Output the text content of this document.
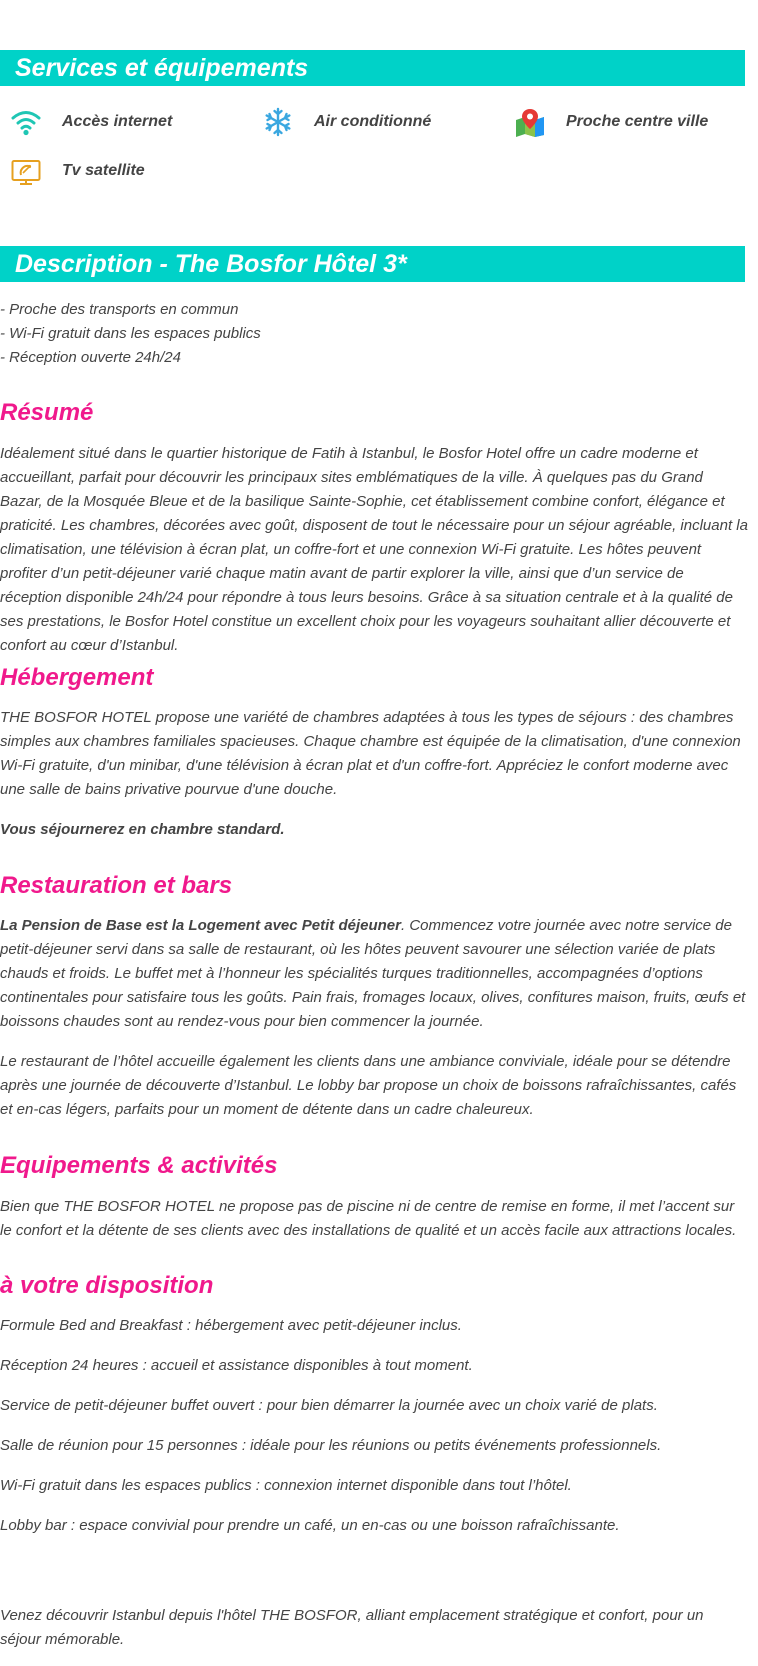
Services et équipements
Accès internet	Air conditionné	Proche centre ville
Tv satellite
Description - The Bosfor Hôtel 3*

- Proche des transports en commun

- Wi-Fi gratuit dans les espaces publics

- Réception ouverte 24h/24

Résumé

Idéalement situé dans le quartier historique de Fatih à Istanbul, le Bosfor Hotel offre un cadre moderne et accueillant, parfait pour découvrir les principaux sites emblématiques de la ville. À quelques pas du Grand Bazar, de la Mosquée Bleue et de la basilique Sainte-Sophie, cet établissement combine confort, élégance et praticité. Les chambres, décorées avec goût, disposent de tout le nécessaire pour un séjour agréable, incluant la climatisation, une télévision à écran plat, un coffre-fort et une connexion Wi-Fi gratuite. Les hôtes peuvent profiter d’un petit-déjeuner varié chaque matin avant de partir explorer la ville, ainsi que d’un service de réception disponible 24h/24 pour répondre à tous leurs besoins. Grâce à sa situation centrale et à la qualité de ses prestations, le Bosfor Hotel constitue un excellent choix pour les voyageurs souhaitant allier découverte et confort au cœur d’Istanbul.

Hébergement

THE BOSFOR HOTEL propose une variété de chambres adaptées à tous les types de séjours : des chambres simples aux chambres familiales spacieuses. Chaque chambre est équipée de la climatisation, d'une connexion Wi-Fi gratuite, d'un minibar, d'une télévision à écran plat et d'un coffre-fort. Appréciez le confort moderne avec une salle de bains privative pourvue d'une douche.

Vous séjournerez en chambre standard.

Restauration et bars

La Pension de Base est la Logement avec Petit déjeuner. Commencez votre journée avec notre service de petit-déjeuner servi dans sa salle de restaurant, où les hôtes peuvent savourer une sélection variée de plats chauds et froids. Le buffet met à l’honneur les spécialités turques traditionnelles, accompagnées d’options continentales pour satisfaire tous les goûts. Pain frais, fromages locaux, olives, confitures maison, fruits, œufs et boissons chaudes sont au rendez-vous pour bien commencer la journée.

Le restaurant de l’hôtel accueille également les clients dans une ambiance conviviale, idéale pour se détendre après une journée de découverte d’Istanbul. Le lobby bar propose un choix de boissons rafraîchissantes, cafés et en-cas légers, parfaits pour un moment de détente dans un cadre chaleureux.

Equipements & activités

Bien que THE BOSFOR HOTEL ne propose pas de piscine ni de centre de remise en forme, il met l’accent sur le confort et la détente de ses clients avec des installations de qualité et un accès facile aux attractions locales.

à votre disposition
Formule Bed and Breakfast : hébergement avec petit-déjeuner inclus.
Réception 24 heures : accueil et assistance disponibles à tout moment.
Service de petit-déjeuner buffet ouvert : pour bien démarrer la journée avec un choix varié de plats.
Salle de réunion pour 15 personnes : idéale pour les réunions ou petits événements professionnels.
Wi-Fi gratuit dans les espaces publics : connexion internet disponible dans tout l’hôtel.
Lobby bar : espace convivial pour prendre un café, un en-cas ou une boisson rafraîchissante.

Venez découvrir Istanbul depuis l'hôtel THE BOSFOR, alliant emplacement stratégique et confort, pour un séjour mémorable.
